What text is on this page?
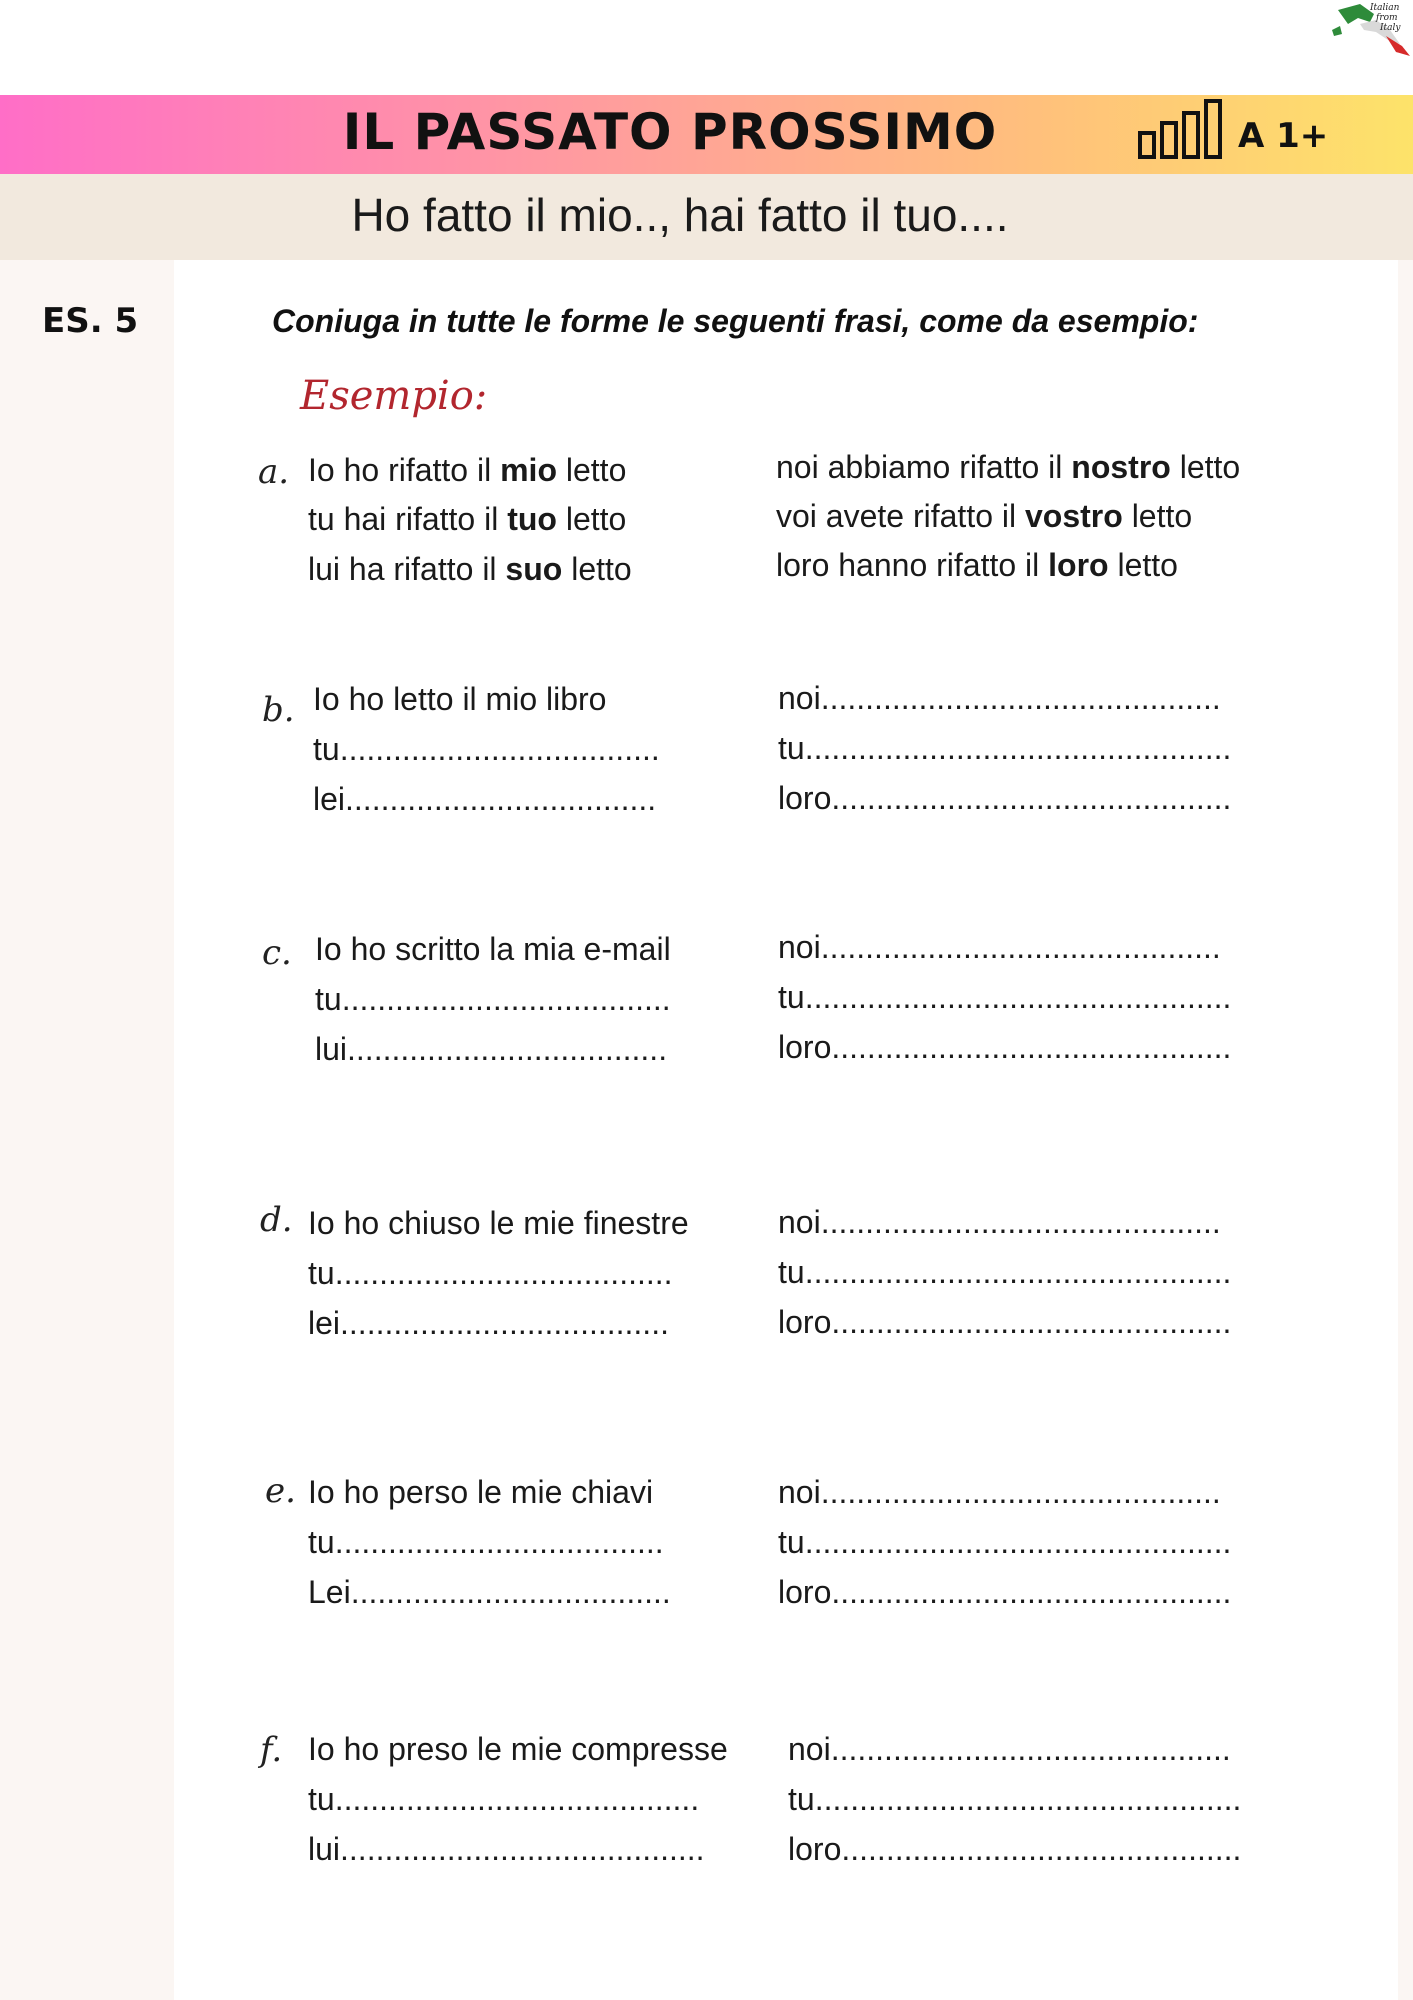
Italian
from
Italy
IL PASSATO PROSSIMO	A 1+
Ho fatto il mio.., hai fatto il tuo....
ES. 5	Coniuga in tutte le forme le seguenti frasi, come da esempio:
Esempio:
a. Io ho rifatto il mio letto
tu hai rifatto il tuo letto
lui ha rifatto il suo letto
noi abbiamo rifatto il nostro letto
voi avete rifatto il vostro letto
loro hanno rifatto il loro letto
b. Io ho letto il mio libro
tu....................................
lei...................................
noi.............................................
tu................................................
loro.............................................
c. Io ho scritto la mia e-mail
tu.....................................
lui....................................
noi.............................................
tu................................................
loro.............................................
d. Io ho chiuso le mie finestre
tu......................................
lei.....................................
noi.............................................
tu................................................
loro.............................................
e. Io ho perso le mie chiavi
tu.....................................
Lei....................................
noi.............................................
tu................................................
loro.............................................
f. Io ho preso le mie compresse
tu.........................................
lui.........................................
noi.............................................
tu................................................
loro.............................................
